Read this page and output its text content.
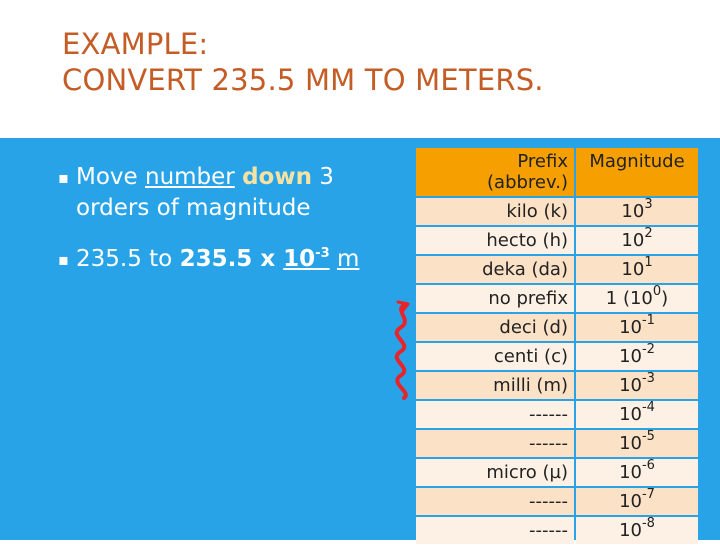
EXAMPLE:
CONVERT 235.5 MM TO METERS.
▪ Move number down 3 orders of magnitude
▪ 235.5 to 235.5 x $10^{-3}$ m
Prefix
(abbrev.)	Magnitude
kilo (k)	$10^3$
hecto (h)	$10^2$
deka (da)	$10^1$
no prefix	1 $(10^0)$
deci (d)	$10^{-1}$
centi (c)	$10^{-2}$
milli (m)	$10^{-3}$
------	$10^{-4}$
------	$10^{-5}$
micro (µ)	$10^{-6}$
------	$10^{-7}$
------	$10^{-8}$
